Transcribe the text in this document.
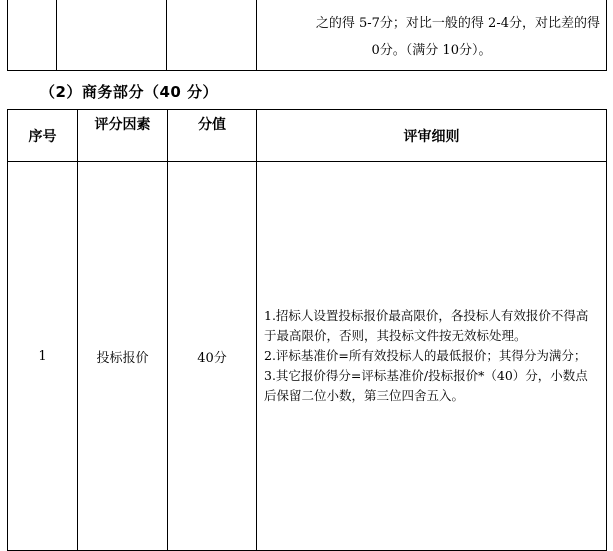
之的得 5-7分；对比一般的得 2-4分，对比差的得
0分。（满分 10分）。
（2）商务部分（40 分）
序号	评分因素	分值	评审细则
1	投标报价	40分	1.招标人设置投标报价最高限价，各投标人有效报价不得高于最高限价，否则，其投标文件按无效标处理。
2.评标基准价=所有效投标人的最低报价；其得分为满分；
3.其它报价得分=评标基准价/投标报价*（40）分，小数点后保留二位小数，第三位四舍五入。
